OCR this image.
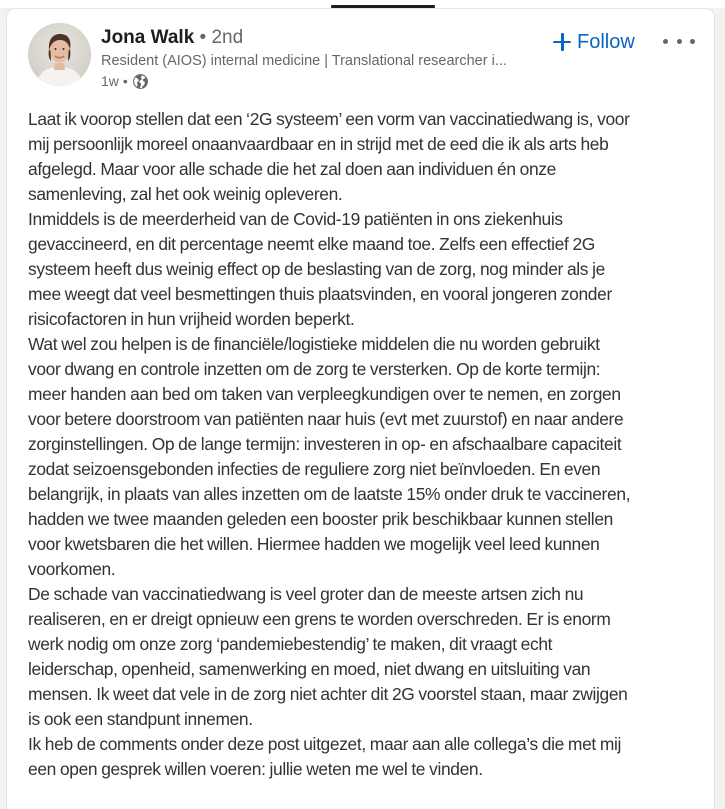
Jona Walk • 2nd
Resident (AIOS) internal medicine | Translational researcher i...
1w •
Follow
Laat ik voorop stellen dat een ‘2G systeem’ een vorm van vaccinatiedwang is, voor
mij persoonlijk moreel onaanvaardbaar en in strijd met de eed die ik als arts heb
afgelegd. Maar voor alle schade die het zal doen aan individuen én onze
samenleving, zal het ook weinig opleveren.
Inmiddels is de meerderheid van de Covid-19 patiënten in ons ziekenhuis
gevaccineerd, en dit percentage neemt elke maand toe. Zelfs een effectief 2G
systeem heeft dus weinig effect op de beslasting van de zorg, nog minder als je
mee weegt dat veel besmettingen thuis plaatsvinden, en vooral jongeren zonder
risicofactoren in hun vrijheid worden beperkt.
Wat wel zou helpen is de financiële/logistieke middelen die nu worden gebruikt
voor dwang en controle inzetten om de zorg te versterken. Op de korte termijn:
meer handen aan bed om taken van verpleegkundigen over te nemen, en zorgen
voor betere doorstroom van patiënten naar huis (evt met zuurstof) en naar andere
zorginstellingen. Op de lange termijn: investeren in op- en afschaalbare capaciteit
zodat seizoensgebonden infecties de reguliere zorg niet beïnvloeden. En even
belangrijk, in plaats van alles inzetten om de laatste 15% onder druk te vaccineren,
hadden we twee maanden geleden een booster prik beschikbaar kunnen stellen
voor kwetsbaren die het willen. Hiermee hadden we mogelijk veel leed kunnen
voorkomen.
De schade van vaccinatiedwang is veel groter dan de meeste artsen zich nu
realiseren, en er dreigt opnieuw een grens te worden overschreden. Er is enorm
werk nodig om onze zorg ‘pandemiebestendig’ te maken, dit vraagt echt
leiderschap, openheid, samenwerking en moed, niet dwang en uitsluiting van
mensen. Ik weet dat vele in de zorg niet achter dit 2G voorstel staan, maar zwijgen
is ook een standpunt innemen.
Ik heb de comments onder deze post uitgezet, maar aan alle collega’s die met mij
een open gesprek willen voeren: jullie weten me wel te vinden.
